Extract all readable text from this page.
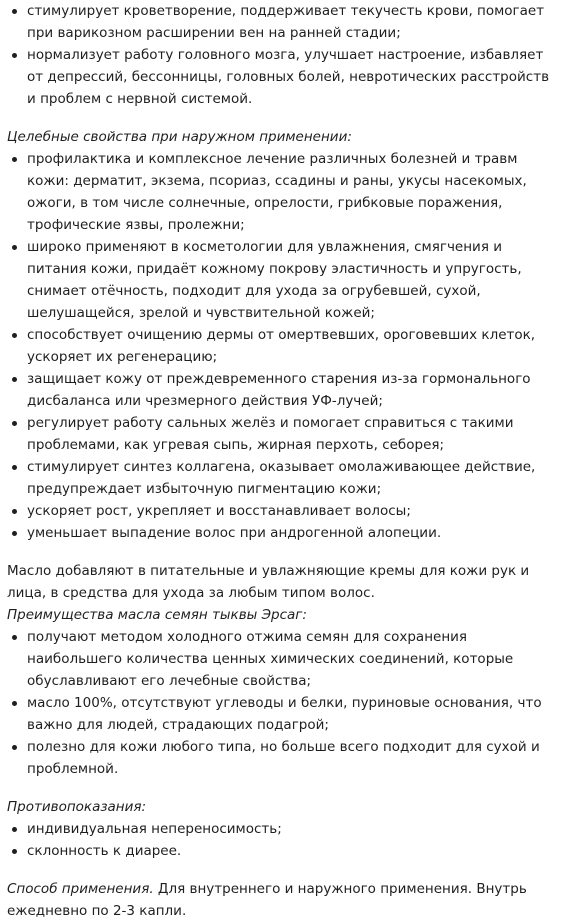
стимулирует кроветворение, поддерживает текучесть крови, помогает при варикозном расширении вен на ранней стадии;
нормализует работу головного мозга, улучшает настроение, избавляет от депрессий, бессонницы, головных болей, невротических расстройств и проблем с нервной системой.

Целебные свойства при наружном применении:

профилактика и комплексное лечение различных болезней и травм кожи: дерматит, экзема, псориаз, ссадины и раны, укусы насекомых, ожоги, в том числе солнечные, опрелости, грибковые поражения, трофические язвы, пролежни;
широко применяют в косметологии для увлажнения, смягчения и питания кожи, придаёт кожному покрову эластичность и упругость, снимает отёчность, подходит для ухода за огрубевшей, сухой, шелушащейся, зрелой и чувствительной кожей;
способствует очищению дермы от омертвевших, ороговевших клеток, ускоряет их регенерацию;
защищает кожу от преждевременного старения из-за гормонального дисбаланса или чрезмерного действия УФ-лучей;
регулирует работу сальных желёз и помогает справиться с такими проблемами, как угревая сыпь, жирная перхоть, себорея;
стимулирует синтез коллагена, оказывает омолаживающее действие, предупреждает избыточную пигментацию кожи;
ускоряет рост, укрепляет и восстанавливает волосы;
уменьшает выпадение волос при андрогенной алопеции.

Масло добавляют в питательные и увлажняющие кремы для кожи рук и лица, в средства для ухода за любым типом волос.

Преимущества масла семян тыквы Эрсаг:

получают методом холодного отжима семян для сохранения наибольшего количества ценных химических соединений, которые обуславливают его лечебные свойства;
масло 100%, отсутствуют углеводы и белки, пуриновые основания, что важно для людей, страдающих подагрой;
полезно для кожи любого типа, но больше всего подходит для сухой и проблемной.

Противопоказания:

индивидуальная непереносимость;
склонность к диарее.

Способ применения. Для внутреннего и наружного применения. Внутрь ежедневно по 2-3 капли.
